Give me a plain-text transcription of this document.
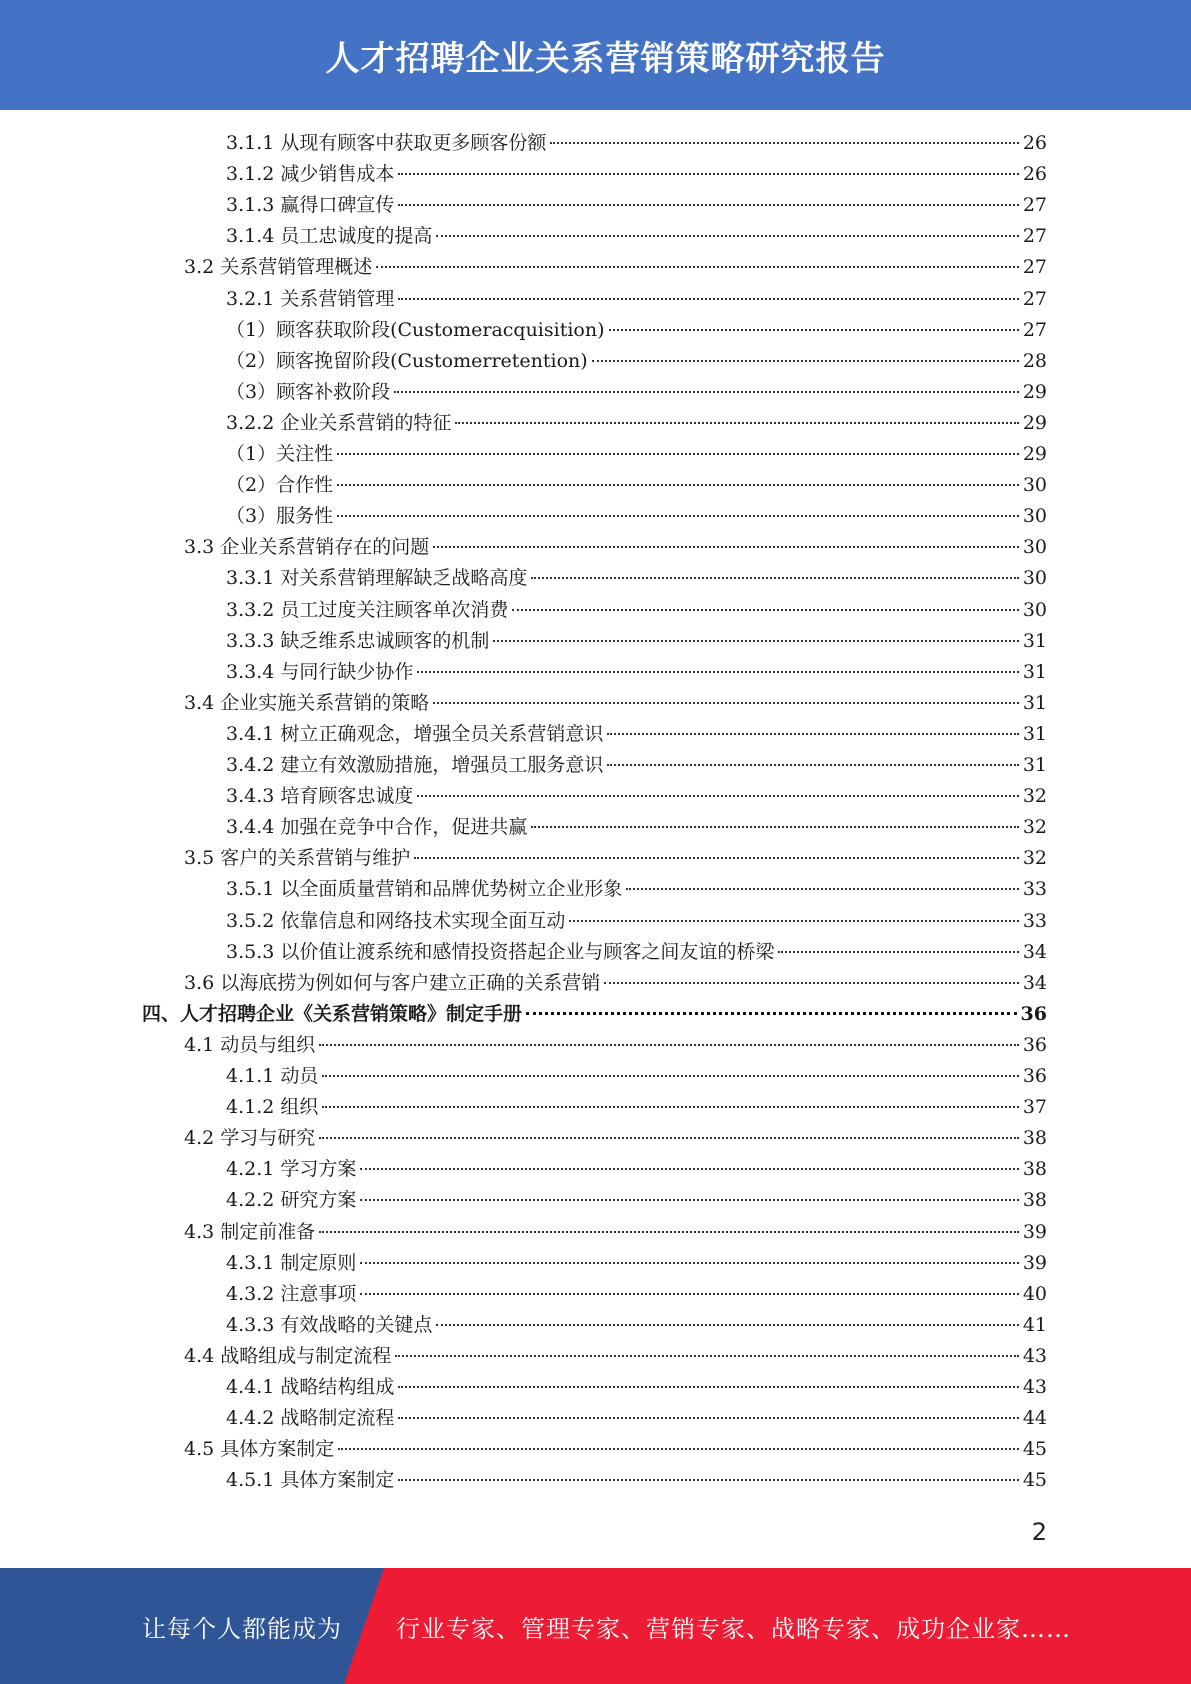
人才招聘企业关系营销策略研究报告
3.1.1 从现有顾客中获取更多顾客份额	26
3.1.2 减少销售成本	26
3.1.3 赢得口碑宣传	27
3.1.4 员工忠诚度的提高	27
3.2 关系营销管理概述	27
3.2.1 关系营销管理	27
（1）顾客获取阶段(Customeracquisition)	27
（2）顾客挽留阶段(Customerretention)	28
（3）顾客补救阶段	29
3.2.2 企业关系营销的特征	29
（1）关注性	29
（2）合作性	30
（3）服务性	30
3.3 企业关系营销存在的问题	30
3.3.1 对关系营销理解缺乏战略高度	30
3.3.2 员工过度关注顾客单次消费	30
3.3.3 缺乏维系忠诚顾客的机制	31
3.3.4 与同行缺少协作	31
3.4 企业实施关系营销的策略	31
3.4.1 树立正确观念，增强全员关系营销意识	31
3.4.2 建立有效激励措施，增强员工服务意识	31
3.4.3 培育顾客忠诚度	32
3.4.4 加强在竞争中合作，促进共赢	32
3.5 客户的关系营销与维护	32
3.5.1 以全面质量营销和品牌优势树立企业形象	33
3.5.2 依靠信息和网络技术实现全面互动	33
3.5.3 以价值让渡系统和感情投资搭起企业与顾客之间友谊的桥梁	34
3.6 以海底捞为例如何与客户建立正确的关系营销	34
四、人才招聘企业《关系营销策略》制定手册	36
4.1 动员与组织	36
4.1.1 动员	36
4.1.2 组织	37
4.2 学习与研究	38
4.2.1 学习方案	38
4.2.2 研究方案	38
4.3 制定前准备	39
4.3.1 制定原则	39
4.3.2 注意事项	40
4.3.3 有效战略的关键点	41
4.4 战略组成与制定流程	43
4.4.1 战略结构组成	43
4.4.2 战略制定流程	44
4.5 具体方案制定	45
4.5.1 具体方案制定	45
2
让每个人都能成为 行业专家、管理专家、营销专家、战略专家、成功企业家……
